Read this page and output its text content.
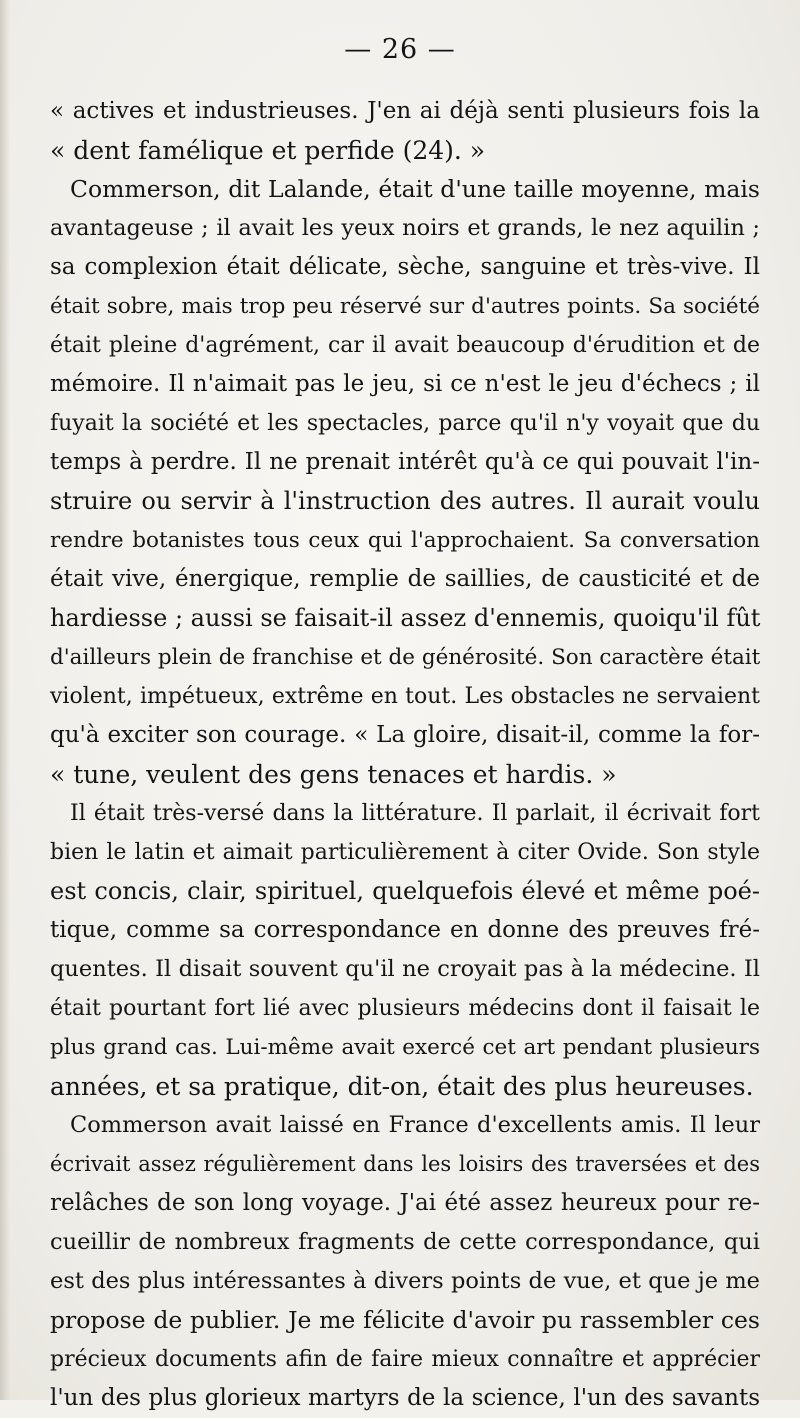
— 26 —
« actives et industrieuses. J'en ai déjà senti plusieurs fois la
« dent famélique et perfide (24). »
Commerson, dit Lalande, était d'une taille moyenne, mais
avantageuse ; il avait les yeux noirs et grands, le nez aquilin ;
sa complexion était délicate, sèche, sanguine et très-vive. Il
était sobre, mais trop peu réservé sur d'autres points. Sa société
était pleine d'agrément, car il avait beaucoup d'érudition et de
mémoire. Il n'aimait pas le jeu, si ce n'est le jeu d'échecs ; il
fuyait la société et les spectacles, parce qu'il n'y voyait que du
temps à perdre. Il ne prenait intérêt qu'à ce qui pouvait l'in-
struire ou servir à l'instruction des autres. Il aurait voulu
rendre botanistes tous ceux qui l'approchaient. Sa conversation
était vive, énergique, remplie de saillies, de causticité et de
hardiesse ; aussi se faisait-il assez d'ennemis, quoiqu'il fût
d'ailleurs plein de franchise et de générosité. Son caractère était
violent, impétueux, extrême en tout. Les obstacles ne servaient
qu'à exciter son courage. « La gloire, disait-il, comme la for-
« tune, veulent des gens tenaces et hardis. »
Il était très-versé dans la littérature. Il parlait, il écrivait fort
bien le latin et aimait particulièrement à citer Ovide. Son style
est concis, clair, spirituel, quelquefois élevé et même poé-
tique, comme sa correspondance en donne des preuves fré-
quentes. Il disait souvent qu'il ne croyait pas à la médecine. Il
était pourtant fort lié avec plusieurs médecins dont il faisait le
plus grand cas. Lui-même avait exercé cet art pendant plusieurs
années, et sa pratique, dit-on, était des plus heureuses.
Commerson avait laissé en France d'excellents amis. Il leur
écrivait assez régulièrement dans les loisirs des traversées et des
relâches de son long voyage. J'ai été assez heureux pour re-
cueillir de nombreux fragments de cette correspondance, qui
est des plus intéressantes à divers points de vue, et que je me
propose de publier. Je me félicite d'avoir pu rassembler ces
précieux documents afin de faire mieux connaître et apprécier
l'un des plus glorieux martyrs de la science, l'un des savants
